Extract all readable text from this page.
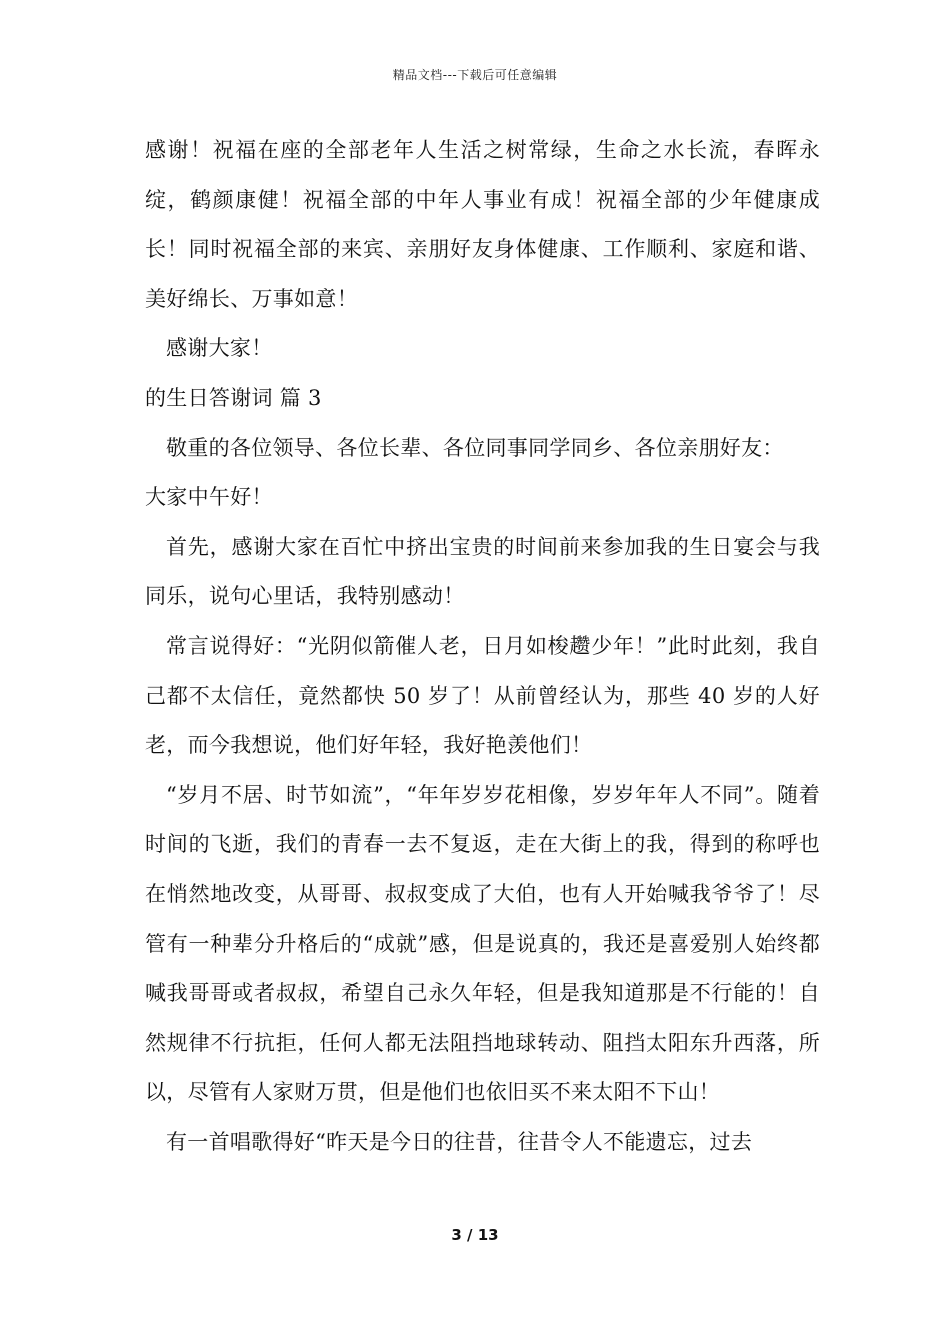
精品文档---下载后可任意编辑

感谢！祝福在座的全部老年人生活之树常绿，生命之水长流，春晖永绽，鹤颜康健！祝福全部的中年人事业有成！祝福全部的少年健康成长！同时祝福全部的来宾、亲朋好友身体健康、工作顺利、家庭和谐、美好绵长、万事如意！

感谢大家！

的生日答谢词 篇 3

敬重的各位领导、各位长辈、各位同事同学同乡、各位亲朋好友：

大家中午好！

首先，感谢大家在百忙中挤出宝贵的时间前来参加我的生日宴会与我同乐，说句心里话，我特别感动！

常言说得好：“光阴似箭催人老，日月如梭趱少年！”此时此刻，我自己都不太信任，竟然都快 50 岁了！从前曾经认为，那些 40 岁的人好老，而今我想说，他们好年轻，我好艳羡他们！

“岁月不居、时节如流”，“年年岁岁花相像，岁岁年年人不同”。随着时间的飞逝，我们的青春一去不复返，走在大街上的我，得到的称呼也在悄然地改变，从哥哥、叔叔变成了大伯，也有人开始喊我爷爷了！尽管有一种辈分升格后的“成就”感，但是说真的，我还是喜爱别人始终都喊我哥哥或者叔叔，希望自己永久年轻，但是我知道那是不行能的！自然规律不行抗拒，任何人都无法阻挡地球转动、阻挡太阳东升西落，所以，尽管有人家财万贯，但是他们也依旧买不来太阳不下山！

有一首唱歌得好“昨天是今日的往昔，往昔令人不能遗忘，过去

3 / 13
